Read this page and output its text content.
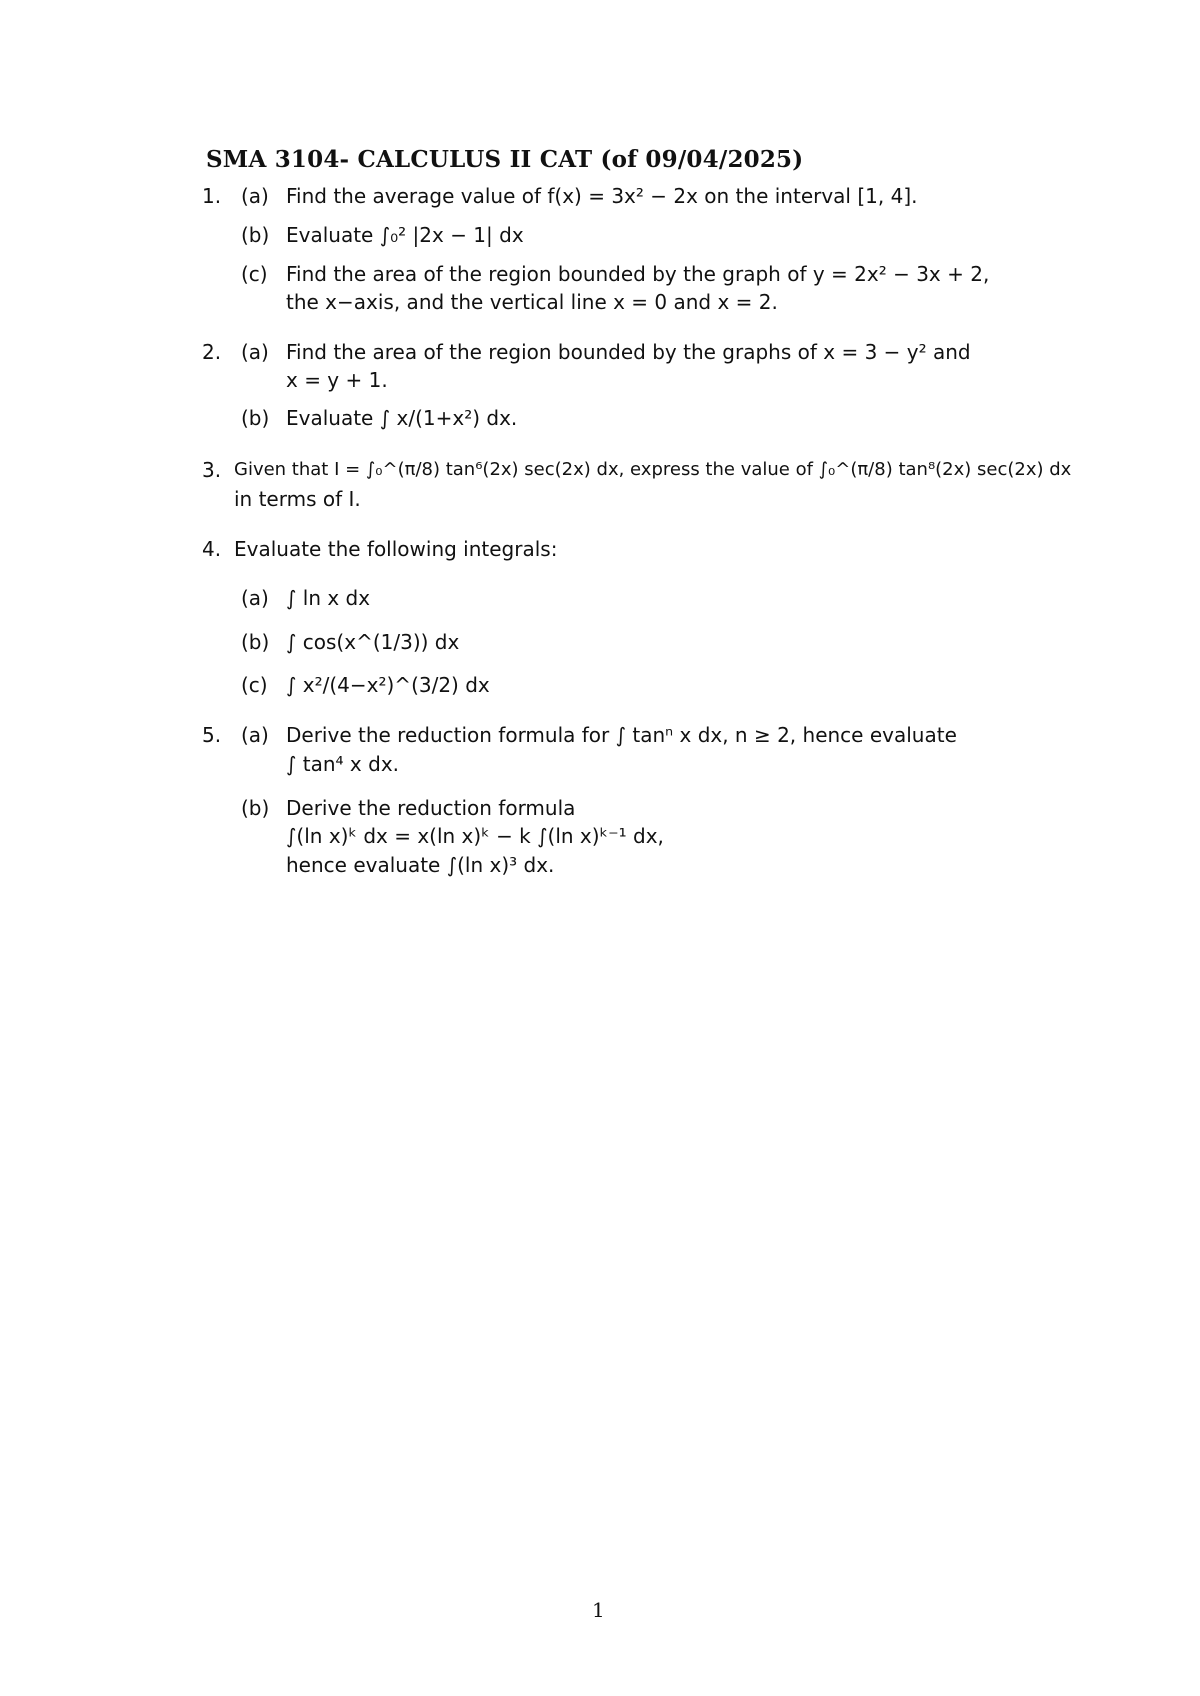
SMA 3104- CALCULUS II CAT (of 09/04/2025)
1. (a) Find the average value of f(x) = 3x² − 2x on the interval [1, 4].
(b) Evaluate ∫₀² |2x − 1| dx
(c) Find the area of the region bounded by the graph of y = 2x² − 3x + 2,
the x−axis, and the vertical line x = 0 and x = 2.
2. (a) Find the area of the region bounded by the graphs of x = 3 − y² and
x = y + 1.
(b) Evaluate ∫ x/(1+x²) dx.
3. Given that I = ∫₀^(π/8) tan⁶(2x) sec(2x) dx, express the value of ∫₀^(π/8) tan⁸(2x) sec(2x) dx
in terms of I.
4. Evaluate the following integrals:
(a) ∫ ln x dx
(b) ∫ cos(x^(1/3)) dx
(c) ∫ x²/(4−x²)^(3/2) dx
5. (a) Derive the reduction formula for ∫ tanⁿ x dx, n ≥ 2, hence evaluate
∫ tan⁴ x dx.
(b) Derive the reduction formula
∫(ln x)ᵏ dx = x(ln x)ᵏ − k ∫(ln x)ᵏ⁻¹ dx,
hence evaluate ∫(ln x)³ dx.
1
